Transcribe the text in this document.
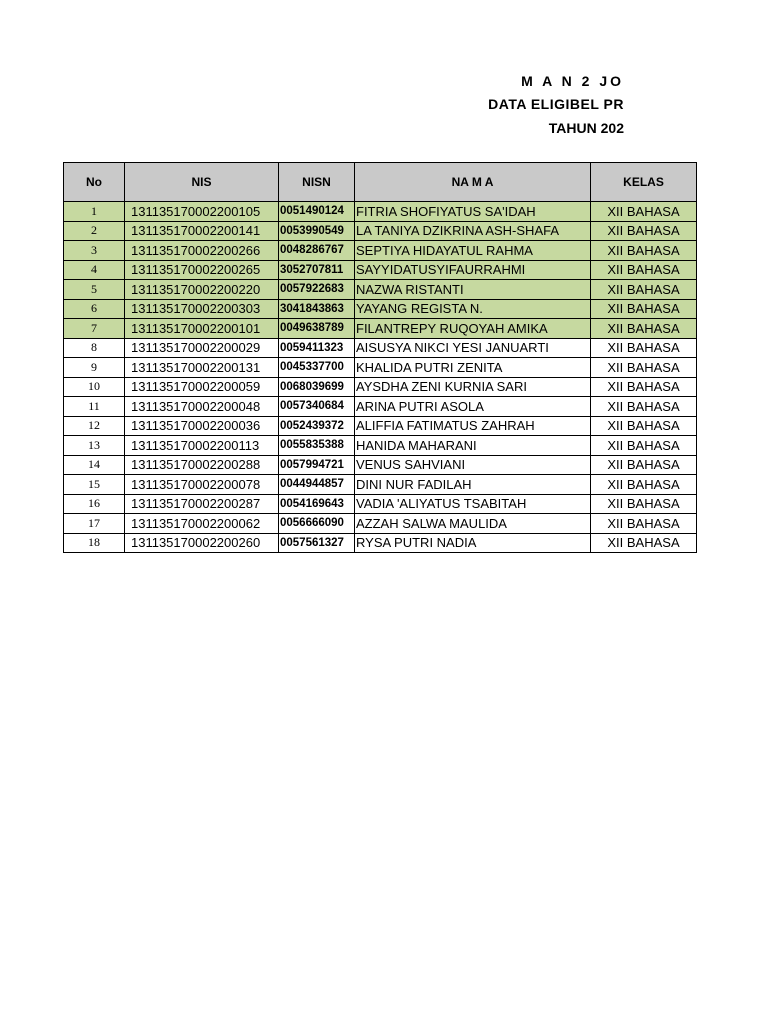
M A N 2 JO
DATA ELIGIBEL PR
TAHUN 202
No	NIS	NISN	NA M A	KELAS
1	131135170002200105	0051490124	FITRIA SHOFIYATUS SA'IDAH	XII BAHASA
2	131135170002200141	0053990549	LA TANIYA DZIKRINA ASH-SHAFA	XII BAHASA
3	131135170002200266	0048286767	SEPTIYA HIDAYATUL RAHMA	XII BAHASA
4	131135170002200265	3052707811	SAYYIDATUSYIFAURRAHMI	XII BAHASA
5	131135170002200220	0057922683	NAZWA RISTANTI	XII BAHASA
6	131135170002200303	3041843863	YAYANG REGISTA N.	XII BAHASA
7	131135170002200101	0049638789	FILANTREPY RUQOYAH AMIKA	XII BAHASA
8	131135170002200029	0059411323	AISUSYA NIKCI YESI JANUARTI	XII BAHASA
9	131135170002200131	0045337700	KHALIDA PUTRI ZENITA	XII BAHASA
10	131135170002200059	0068039699	AYSDHA ZENI KURNIA SARI	XII BAHASA
11	131135170002200048	0057340684	ARINA PUTRI ASOLA	XII BAHASA
12	131135170002200036	0052439372	ALIFFIA FATIMATUS ZAHRAH	XII BAHASA
13	131135170002200113	0055835388	HANIDA MAHARANI	XII BAHASA
14	131135170002200288	0057994721	VENUS SAHVIANI	XII BAHASA
15	131135170002200078	0044944857	DINI NUR FADILAH	XII BAHASA
16	131135170002200287	0054169643	VADIA 'ALIYATUS TSABITAH	XII BAHASA
17	131135170002200062	0056666090	AZZAH SALWA MAULIDA	XII BAHASA
18	131135170002200260	0057561327	RYSA PUTRI NADIA	XII BAHASA
